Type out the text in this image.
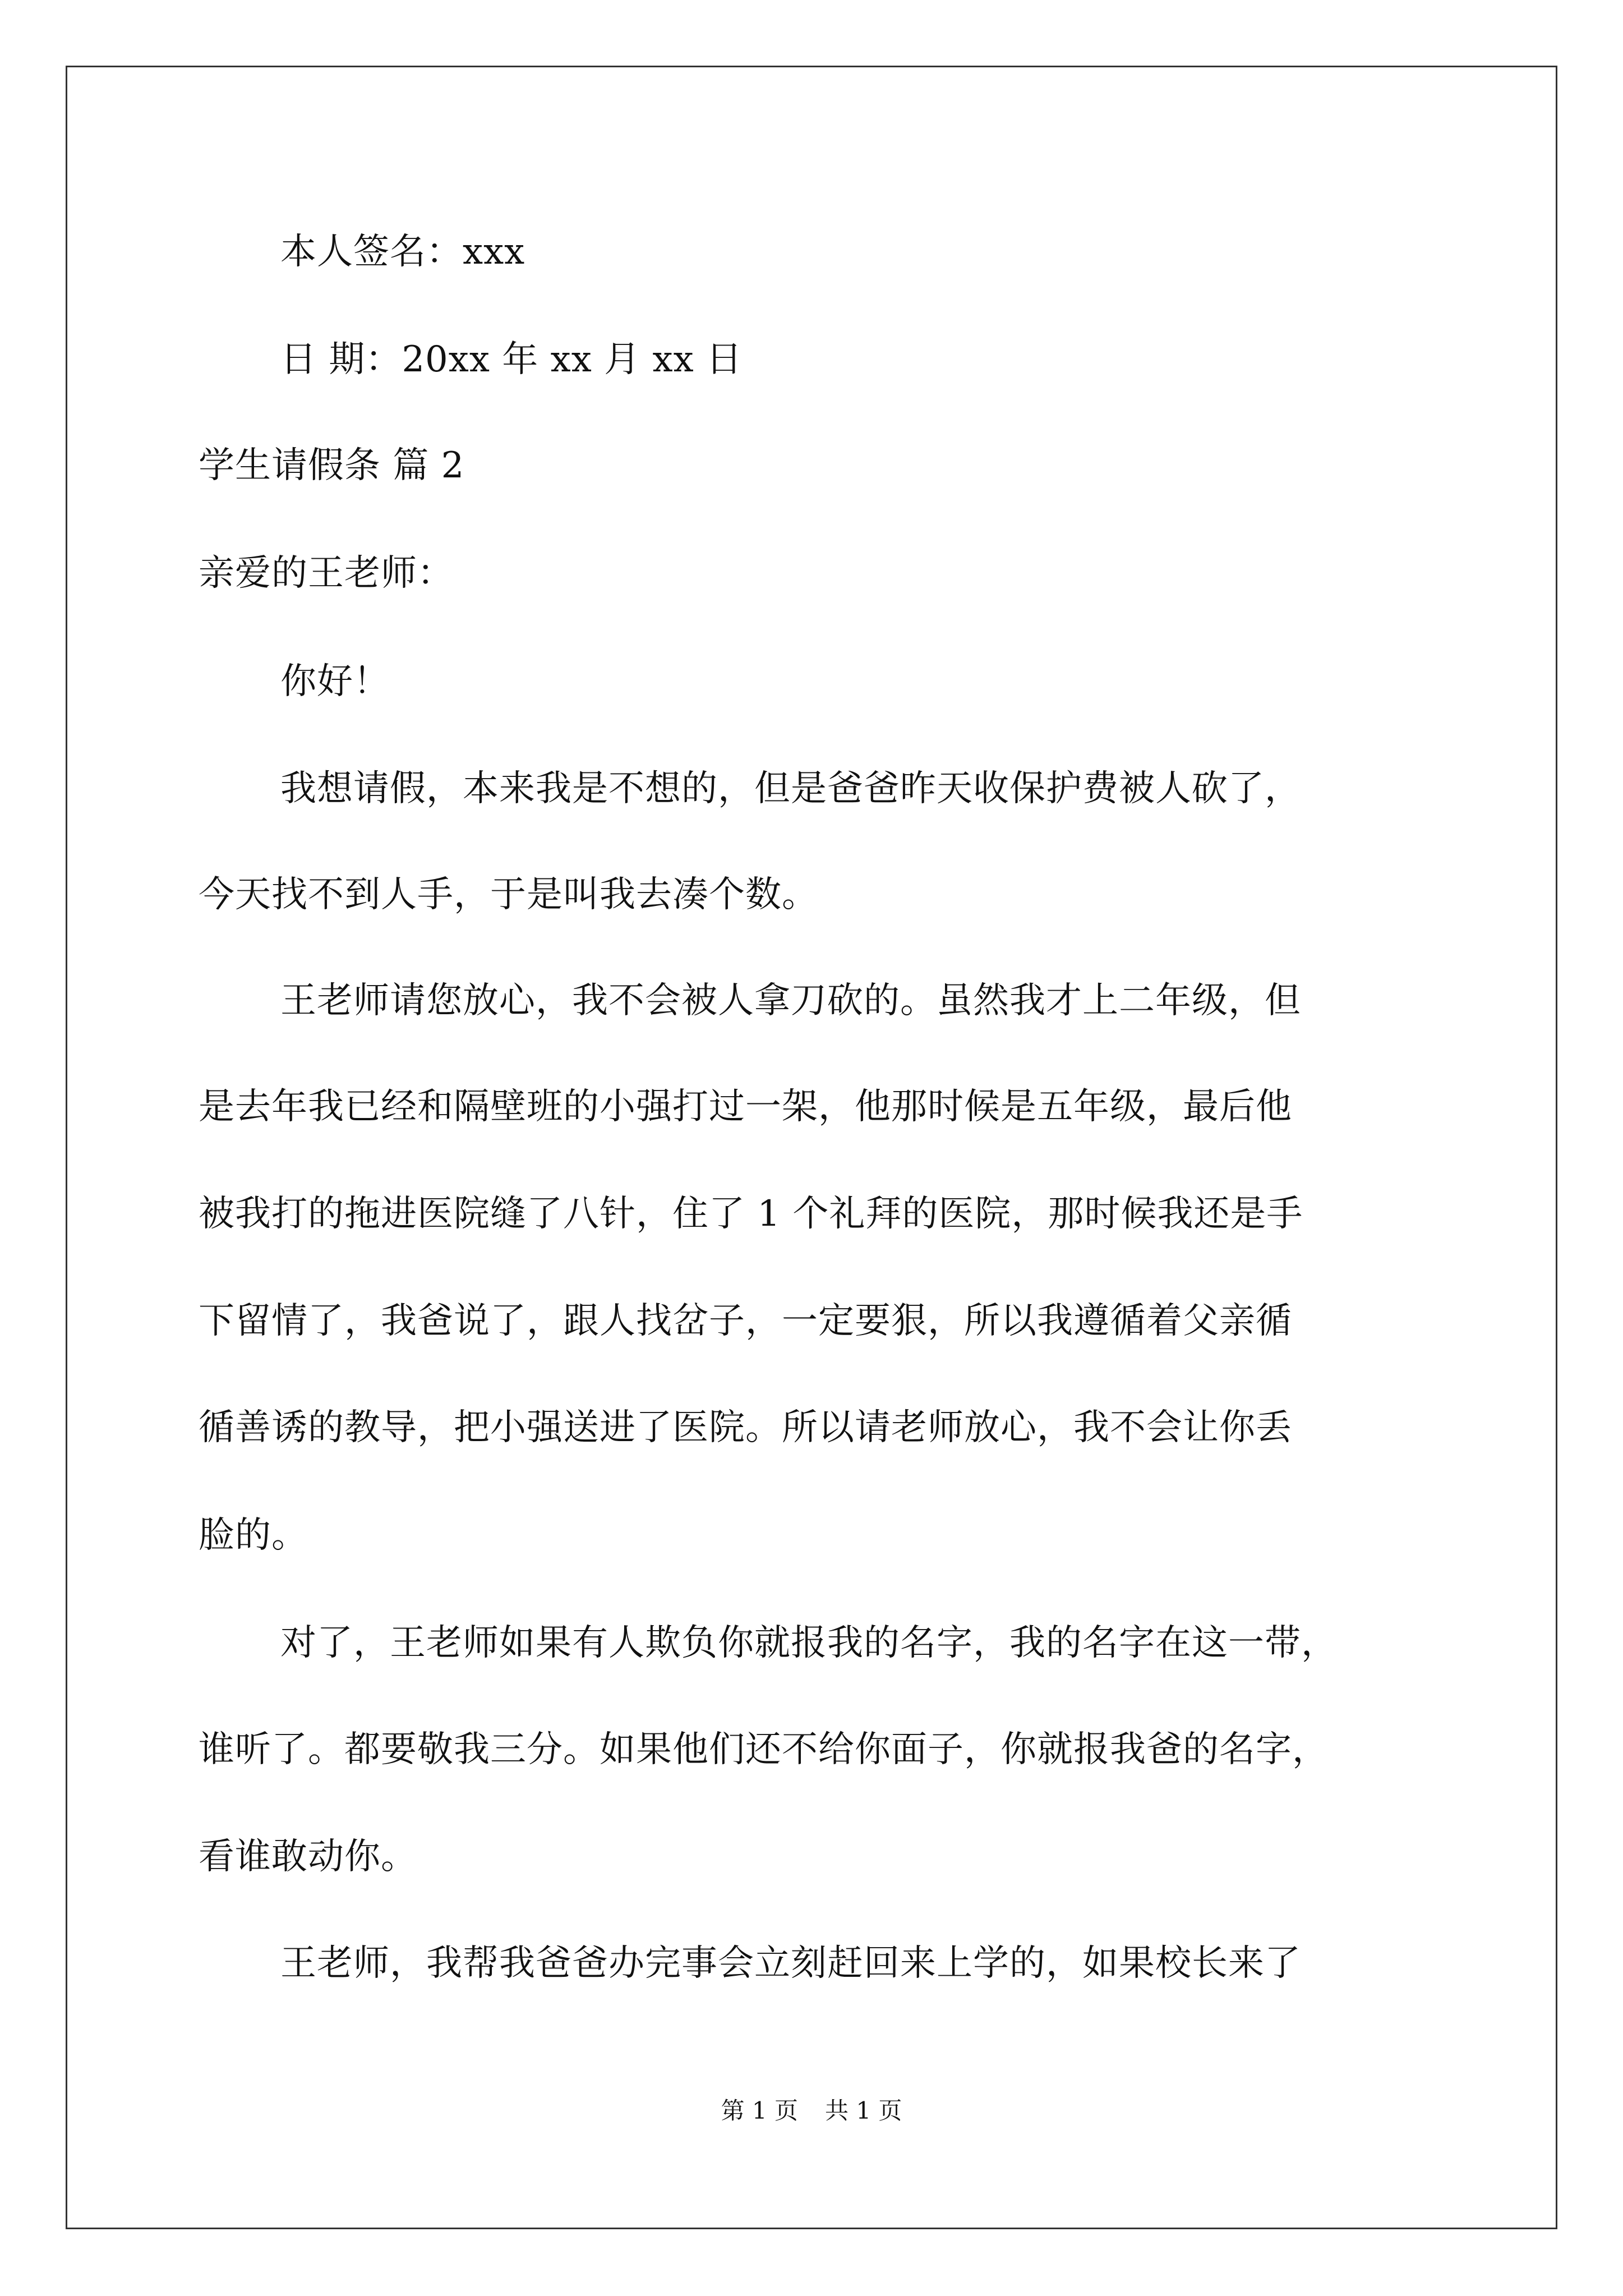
本人签名：xxx
日 期：20xx 年 xx 月 xx 日
学生请假条 篇 2
亲爱的王老师：
你好！
我想请假，本来我是不想的，但是爸爸昨天收保护费被人砍了，
今天找不到人手，于是叫我去凑个数。
王老师请您放心，我不会被人拿刀砍的。虽然我才上二年级，但
是去年我已经和隔壁班的小强打过一架，他那时候是五年级，最后他
被我打的拖进医院缝了八针，住了 1 个礼拜的医院，那时候我还是手
下留情了，我爸说了，跟人找岔子，一定要狠，所以我遵循着父亲循
循善诱的教导，把小强送进了医院。所以请老师放心，我不会让你丢
脸的。
对了，王老师如果有人欺负你就报我的名字，我的名字在这一带，
谁听了。都要敬我三分。如果他们还不给你面子，你就报我爸的名字，
看谁敢动你。
王老师，我帮我爸爸办完事会立刻赶回来上学的，如果校长来了
第 1 页 共 1 页
